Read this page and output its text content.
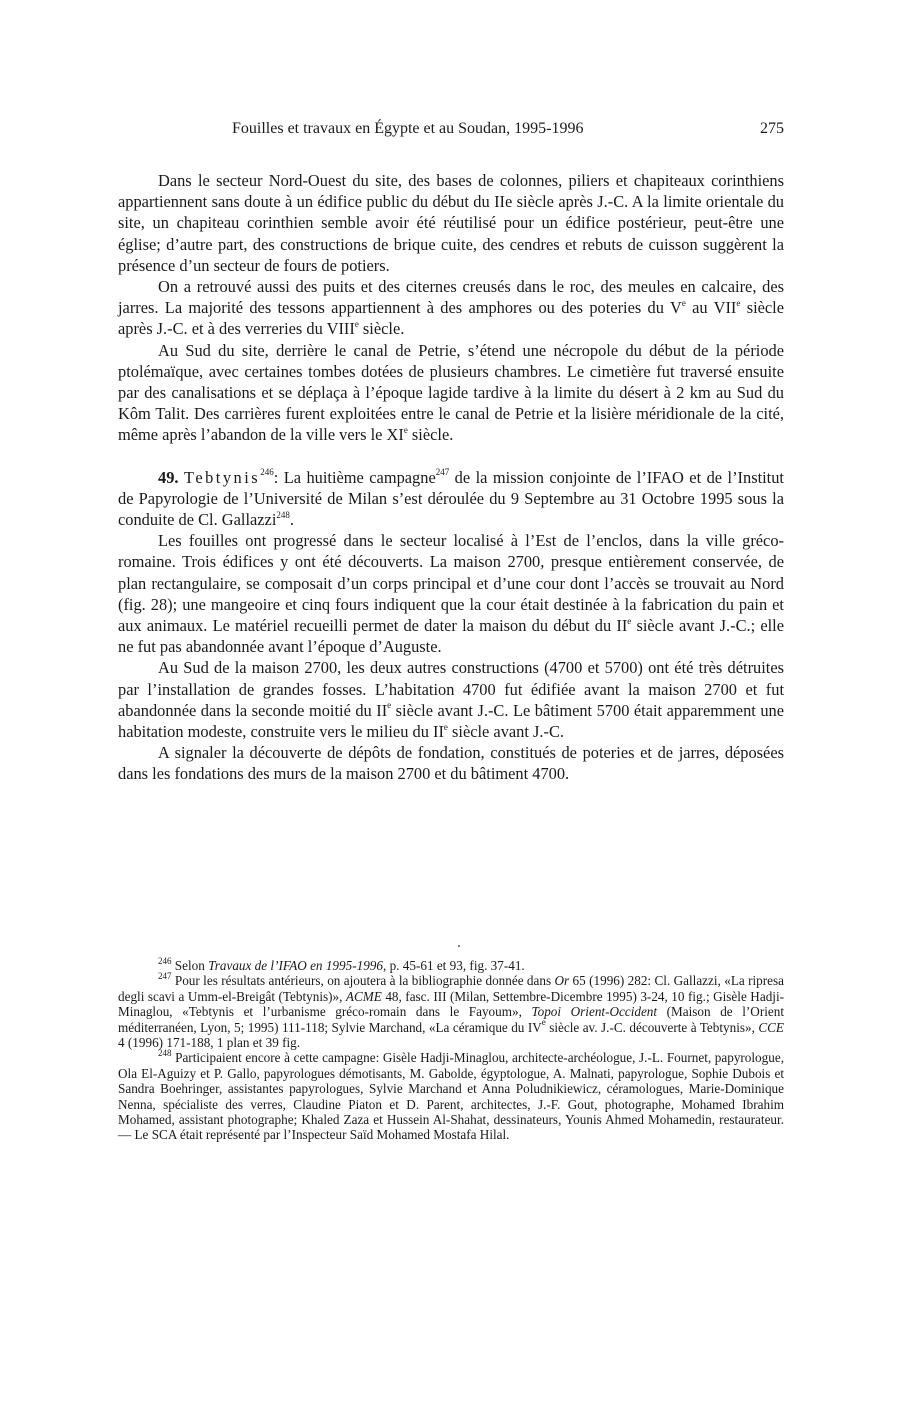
Fouilles et travaux en Égypte et au Soudan, 1995-1996	275

Dans le secteur Nord-Ouest du site, des bases de colonnes, piliers et chapiteaux corinthiens appartiennent sans doute à un édifice public du début du IIe siècle après J.-C. A la limite orientale du site, un chapiteau corinthien semble avoir été réutilisé pour un édifice postérieur, peut-être une église; d’autre part, des constructions de brique cuite, des cendres et rebuts de cuisson suggèrent la présence d’un secteur de fours de potiers.

On a retrouvé aussi des puits et des citernes creusés dans le roc, des meules en calcaire, des jarres. La majorité des tessons appartiennent à des amphores ou des poteries du Ve au VIIe siècle après J.-C. et à des verreries du VIIIe siècle.

Au Sud du site, derrière le canal de Petrie, s’étend une nécropole du début de la période ptolémaïque, avec certaines tombes dotées de plusieurs chambres. Le cimetière fut traversé ensuite par des canalisations et se déplaça à l’époque lagide tardive à la limite du désert à 2 km au Sud du Kôm Talit. Des carrières furent exploitées entre le canal de Petrie et la lisière méridionale de la cité, même après l’abandon de la ville vers le XIe siècle.

49. Tebtynis$^{246}$: La huitième campagne$^{247}$ de la mission conjointe de l’IFAO et de l’Institut de Papyrologie de l’Université de Milan s’est déroulée du 9 Septembre au 31 Octobre 1995 sous la conduite de Cl. Gallazzi$^{248}$.

Les fouilles ont progressé dans le secteur localisé à l’Est de l’enclos, dans la ville gréco-romaine. Trois édifices y ont été découverts. La maison 2700, presque entièrement conservée, de plan rectangulaire, se composait d’un corps principal et d’une cour dont l’accès se trouvait au Nord (fig. 28); une mangeoire et cinq fours indiquent que la cour était destinée à la fabrication du pain et aux animaux. Le matériel recueilli permet de dater la maison du début du IIe siècle avant J.-C.; elle ne fut pas abandonnée avant l’époque d’Auguste.

Au Sud de la maison 2700, les deux autres constructions (4700 et 5700) ont été très détruites par l’installation de grandes fosses. L’habitation 4700 fut édifiée avant la maison 2700 et fut abandonnée dans la seconde moitié du IIe siècle avant J.-C. Le bâtiment 5700 était apparemment une habitation modeste, construite vers le milieu du IIe siècle avant J.-C.

A signaler la découverte de dépôts de fondation, constitués de poteries et de jarres, déposées dans les fondations des murs de la maison 2700 et du bâtiment 4700.

$^{246}$ Selon Travaux de l’IFAO en 1995-1996, p. 45-61 et 93, fig. 37-41.

$^{247}$ Pour les résultats antérieurs, on ajoutera à la bibliographie donnée dans Or 65 (1996) 282: Cl. Gallazzi, «La ripresa degli scavi a Umm-el-Breigât (Tebtynis)», ACME 48, fasc. III (Milan, Settembre-Dicembre 1995) 3-24, 10 fig.; Gisèle Hadji-Minaglou, «Tebtynis et l’urbanisme gréco-romain dans le Fayoum», Topoi Orient-Occident (Maison de l’Orient méditerranéen, Lyon, 5; 1995) 111-118; Sylvie Marchand, «La céramique du IVe siècle av. J.-C. découverte à Tebtynis», CCE 4 (1996) 171-188, 1 plan et 39 fig.

$^{248}$ Participaient encore à cette campagne: Gisèle Hadji-Minaglou, architecte-archéologue, J.-L. Fournet, papyrologue, Ola El-Aguizy et P. Gallo, papyrologues démotisants, M. Gabolde, égyptologue, A. Malnati, papyrologue, Sophie Dubois et Sandra Boehringer, assistantes papyrologues, Sylvie Marchand et Anna Poludnikiewicz, céramologues, Marie-Dominique Nenna, spécialiste des verres, Claudine Piaton et D. Parent, architectes, J.-F. Gout, photographe, Mohamed Ibrahim Mohamed, assistant photographe; Khaled Zaza et Hussein Al-Shahat, dessinateurs, Younis Ahmed Mohamedin, restaurateur. — Le SCA était représenté par l’Inspecteur Saïd Mohamed Mostafa Hilal.
